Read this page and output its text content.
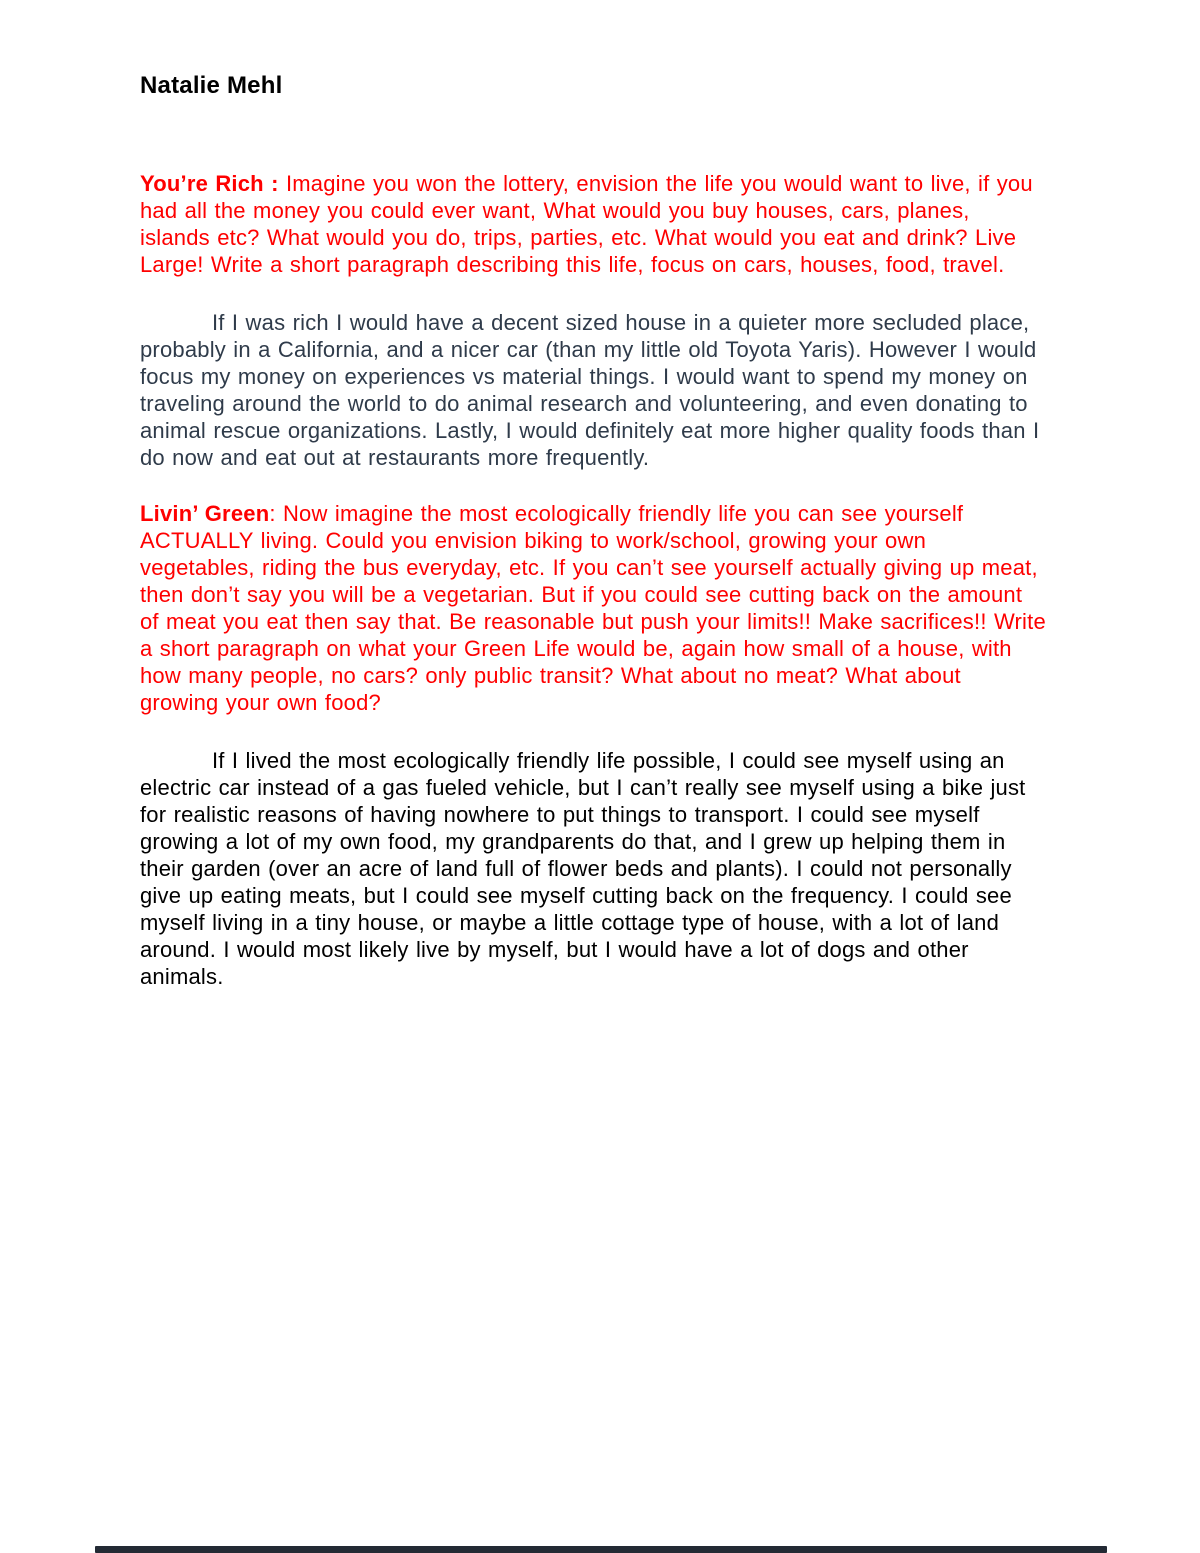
Natalie Mehl

You’re Rich : Imagine you won the lottery, envision the life you would want to live, if you had all the money you could ever want, What would you buy houses, cars, planes, islands etc? What would you do, trips, parties, etc. What would you eat and drink? Live Large! Write a short paragraph describing this life, focus on cars, houses, food, travel.

If I was rich I would have a decent sized house in a quieter more secluded place, probably in a California, and a nicer car (than my little old Toyota Yaris). However I would focus my money on experiences vs material things. I would want to spend my money on traveling around the world to do animal research and volunteering, and even donating to animal rescue organizations. Lastly, I would definitely eat more higher quality foods than I do now and eat out at restaurants more frequently.

Livin’ Green: Now imagine the most ecologically friendly life you can see yourself ACTUALLY living. Could you envision biking to work/school, growing your own vegetables, riding the bus everyday, etc. If you can’t see yourself actually giving up meat, then don’t say you will be a vegetarian. But if you could see cutting back on the amount of meat you eat then say that. Be reasonable but push your limits!! Make sacrifices!! Write a short paragraph on what your Green Life would be, again how small of a house, with how many people, no cars? only public transit? What about no meat? What about growing your own food?

If I lived the most ecologically friendly life possible, I could see myself using an electric car instead of a gas fueled vehicle, but I can’t really see myself using a bike just for realistic reasons of having nowhere to put things to transport. I could see myself growing a lot of my own food, my grandparents do that, and I grew up helping them in their garden (over an acre of land full of flower beds and plants). I could not personally give up eating meats, but I could see myself cutting back on the frequency. I could see myself living in a tiny house, or maybe a little cottage type of house, with a lot of land around. I would most likely live by myself, but I would have a lot of dogs and other animals.
